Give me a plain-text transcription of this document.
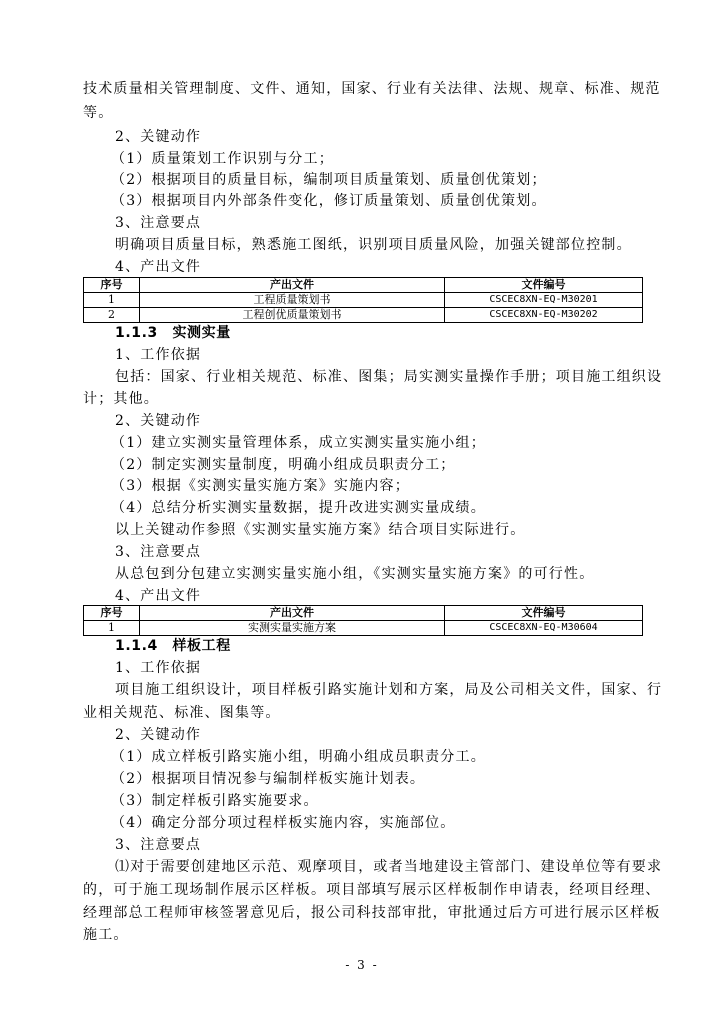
技术质量相关管理制度、文件、通知，国家、行业有关法律、法规、规章、标准、规范
等。
2、关键动作
（1）质量策划工作识别与分工；
（2）根据项目的质量目标，编制项目质量策划、质量创优策划；
（3）根据项目内外部条件变化，修订质量策划、质量创优策划。
3、注意要点
明确项目质量目标，熟悉施工图纸，识别项目质量风险，加强关键部位控制。
4、产出文件
序号	产出文件	文件编号
1	工程质量策划书	CSCEC8XN-EQ-M30201
2	工程创优质量策划书	CSCEC8XN-EQ-M30202
1.1.3　实测实量
1、工作依据
包括：国家、行业相关规范、标准、图集；局实测实量操作手册；项目施工组织设
计；其他。
2、关键动作
（1）建立实测实量管理体系，成立实测实量实施小组；
（2）制定实测实量制度，明确小组成员职责分工；
（3）根据《实测实量实施方案》实施内容；
（4）总结分析实测实量数据，提升改进实测实量成绩。
以上关键动作参照《实测实量实施方案》结合项目实际进行。
3、注意要点
从总包到分包建立实测实量实施小组，《实测实量实施方案》的可行性。
4、产出文件
序号	产出文件	文件编号
1	实测实量实施方案	CSCEC8XN-EQ-M30604
1.1.4　样板工程
1、工作依据
项目施工组织设计，项目样板引路实施计划和方案，局及公司相关文件，国家、行
业相关规范、标准、图集等。
2、关键动作
（1）成立样板引路实施小组，明确小组成员职责分工。
（2）根据项目情况参与编制样板实施计划表。
（3）制定样板引路实施要求。
（4）确定分部分项过程样板实施内容，实施部位。
3、注意要点
⑴对于需要创建地区示范、观摩项目，或者当地建设主管部门、建设单位等有要求
的，可于施工现场制作展示区样板。项目部填写展示区样板制作申请表，经项目经理、
经理部总工程师审核签署意见后，报公司科技部审批，审批通过后方可进行展示区样板
施工。
- 3 -
